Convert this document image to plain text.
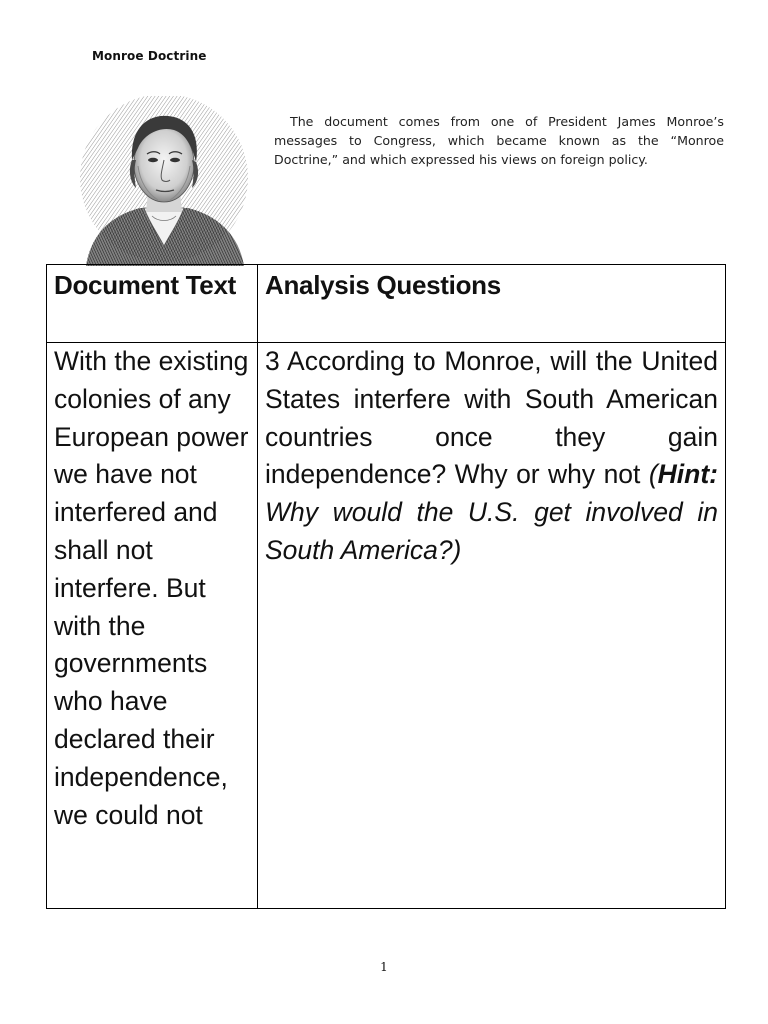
Monroe Doctrine
The document comes from one of President James Monroe’s messages to Congress, which became known as the “Monroe Doctrine,” and which expressed his views on foreign policy.
Document Text	Analysis Questions

With the existing colonies of any European power we have not interfered and shall not interfere. But with the governments who have declared their independence, we could not	3 According to Monroe, will the United States interfere with South American countries once they gain independence? Why or why not (Hint: Why would the U.S. get involved in South America?)
1
